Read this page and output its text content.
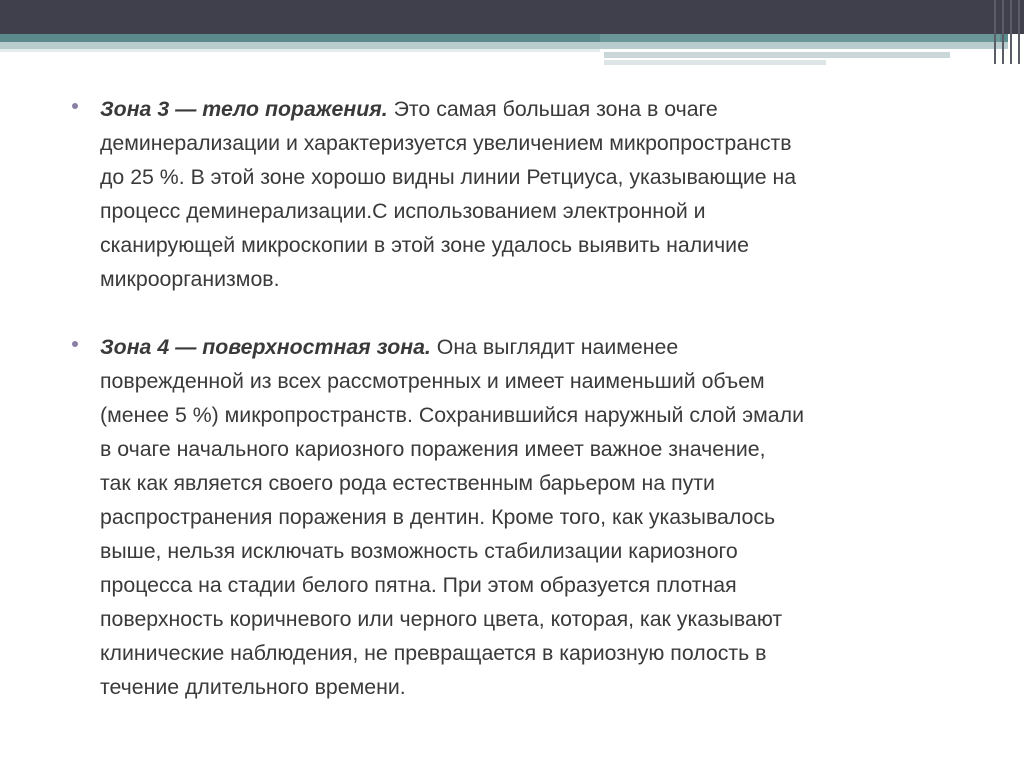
Зона 3 — тело поражения. Это самая большая зона в очаге
деминерализации и характеризуется увеличением микропространств
до 25 %. В этой зоне хорошо видны линии Ретциуса, указывающие на
процесс деминерализации.С использованием электронной и
сканирующей микроскопии в этой зоне удалось выявить наличие
микроорганизмов.

Зона 4 — поверхностная зона. Она выглядит наименее
поврежденной из всех рассмотренных и имеет наименьший объем
(менее 5 %) микропространств. Сохранившийся наружный слой эмали
в очаге начального кариозного поражения имеет важное значение,
так как является своего рода естественным барьером на пути
распространения поражения в дентин. Кроме того, как указывалось
выше, нельзя исключать возможность стабилизации кариозного
процесса на стадии белого пятна. При этом образуется плотная
поверхность коричневого или черного цвета, которая, как указывают
клинические наблюдения, не превращается в кариозную полость в
течение длительного времени.
